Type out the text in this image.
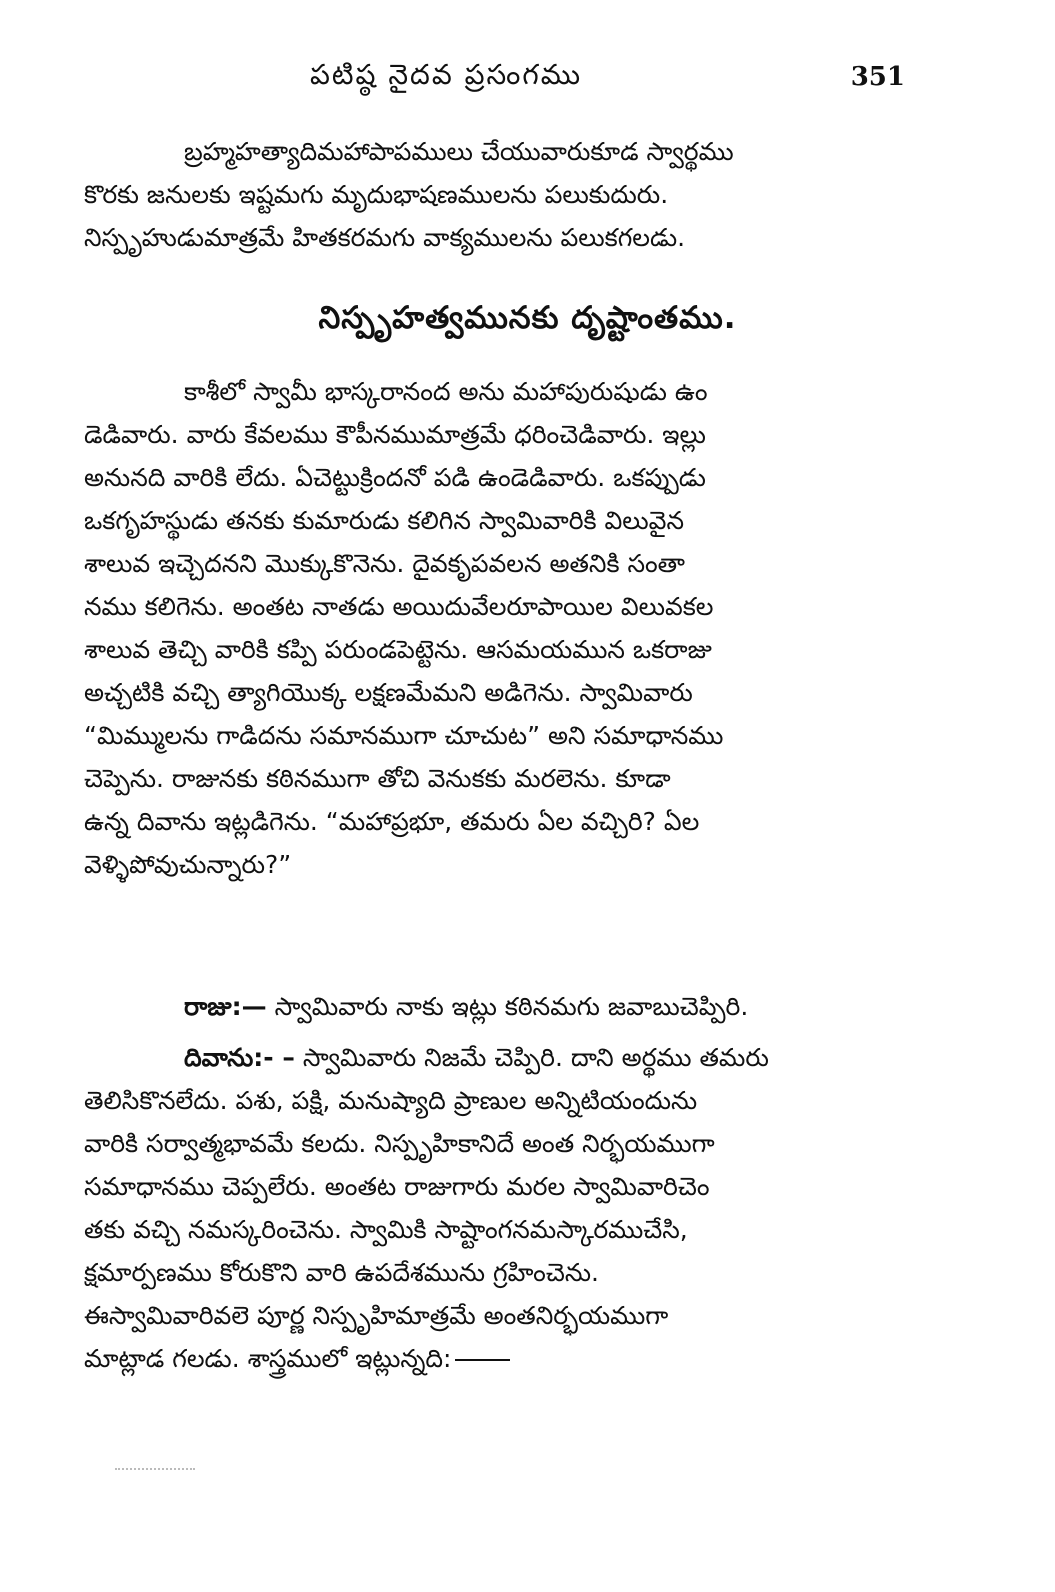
పటిష్ఠ నైదవ ప్రసంగము	351
బ్రహ్మహత్యాదిమహాపాపములు చేయువారుకూడ స్వార్థము
కొరకు జనులకు ఇష్టమగు మృదుభాషణములను పలుకుదురు.
నిస్పృహుడుమాత్రమే హితకరమగు వాక్యములను పలుకగలడు.
నిస్పృహత్వమునకు దృష్టాంతము.
కాశీలో స్వామీ భాస్కరానంద అను మహాపురుషుడు ఉం
డెడివారు. వారు కేవలము కౌపీనముమాత్రమే ధరించెడివారు. ఇల్లు
అనునది వారికి లేదు. ఏచెట్టుక్రిందనో పడి ఉండెడివారు. ఒకప్పుడు
ఒకగృహస్థుడు తనకు కుమారుడు కలిగిన స్వామివారికి విలువైన
శాలువ ఇచ్చెదనని మొక్కుకొనెను. దైవకృపవలన అతనికి సంతా
నము కలిగెను. అంతట నాతడు అయిదువేలరూపాయిల విలువకల
శాలువ తెచ్చి వారికి కప్పి పరుండపెట్టెను. ఆసమయమున ఒకరాజు
అచ్చటికి వచ్చి త్యాగియొక్క లక్షణమేమని అడిగెను. స్వామివారు
“మిమ్ములను గాడిదను సమానముగా చూచుట” అని సమాధానము
చెప్పెను. రాజునకు కఠినముగా తోచి వెనుకకు మరలెను. కూడా
ఉన్న దివాను ఇట్లడిగెను. “మహాప్రభూ, తమరు ఏల వచ్చిరి? ఏల
వెళ్ళిపోవుచున్నారు?”
రాజు:— స్వామివారు నాకు ఇట్లు కఠినమగు జవాబుచెప్పిరి.
దివాను:- – స్వామివారు నిజమే చెప్పిరి. దాని అర్థము తమరు
తెలిసికొనలేదు. పశు, పక్షి, మనుష్యాది ప్రాణుల అన్నిటియందును
వారికి సర్వాత్మభావమే కలదు. నిస్పృహికానిదే అంత నిర్భయముగా
సమాధానము చెప్పలేరు. అంతట రాజుగారు మరల స్వామివారిచెం
తకు వచ్చి నమస్కరించెను. స్వామికి సాష్టాంగనమస్కారముచేసి,
క్షమార్పణము కోరుకొని వారి ఉపదేశమును గ్రహించెను.
ఈస్వామివారివలె పూర్ణ నిస్పృహిమాత్రమే అంతనిర్భయముగా
మాట్లాడ గలడు. శాస్త్రములో ఇట్లున్నది:
